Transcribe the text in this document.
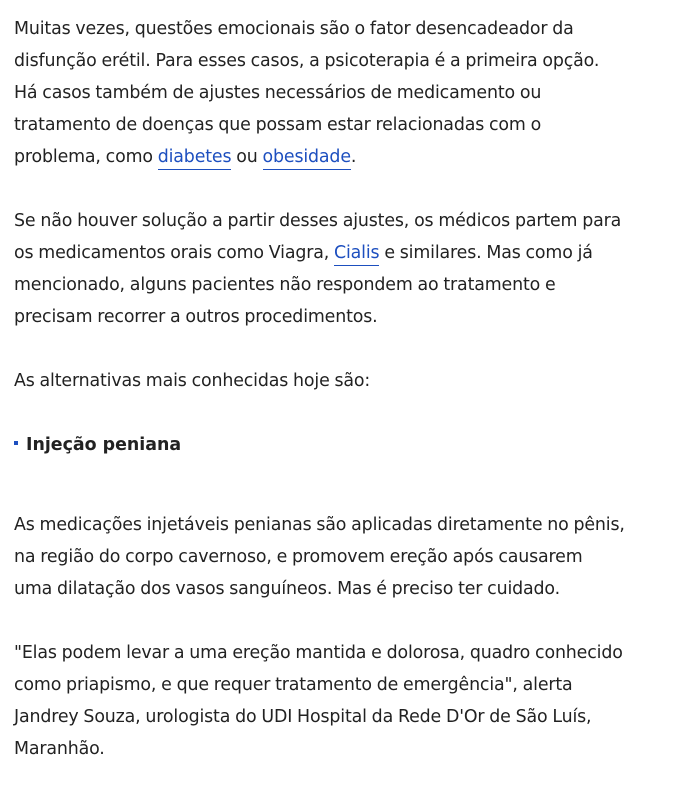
Muitas vezes, questões emocionais são o fator desencadeador da
disfunção erétil. Para esses casos, a psicoterapia é a primeira opção.
Há casos também de ajustes necessários de medicamento ou
tratamento de doenças que possam estar relacionadas com o
problema, como diabetes ou obesidade.

Se não houver solução a partir desses ajustes, os médicos partem para
os medicamentos orais como Viagra, Cialis e similares. Mas como já
mencionado, alguns pacientes não respondem ao tratamento e
precisam recorrer a outros procedimentos.

As alternativas mais conhecidas hoje são:

Injeção peniana

As medicações injetáveis penianas são aplicadas diretamente no pênis,
na região do corpo cavernoso, e promovem ereção após causarem
uma dilatação dos vasos sanguíneos. Mas é preciso ter cuidado.

"Elas podem levar a uma ereção mantida e dolorosa, quadro conhecido
como priapismo, e que requer tratamento de emergência", alerta
Jandrey Souza, urologista do UDI Hospital da Rede D'Or de São Luís,
Maranhão.
